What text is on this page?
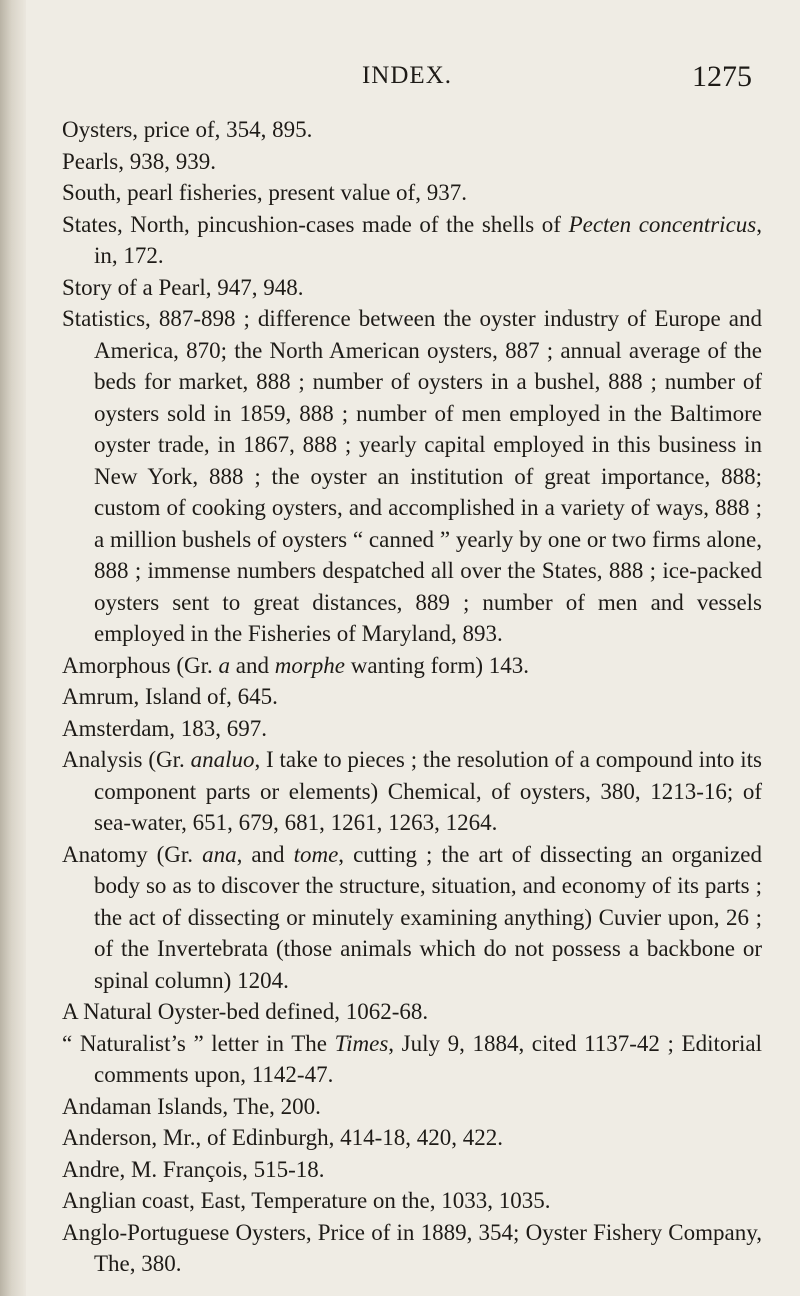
INDEX.	1275
Oysters, price of, 354, 895.
Pearls, 938, 939.
South, pearl fisheries, present value of, 937.
States, North, pincushion-cases made of the shells of Pecten concentricus, in, 172.
Story of a Pearl, 947, 948.
Statistics, 887-898 ; difference between the oyster industry of Europe and America, 870; the North American oysters, 887 ; annual average of the beds for market, 888 ; number of oysters in a bushel, 888 ; number of oysters sold in 1859, 888 ; number of men employed in the Baltimore oyster trade, in 1867, 888 ; yearly capital employed in this business in New York, 888 ; the oyster an institution of great importance, 888; custom of cooking oysters, and accomplished in a variety of ways, 888 ; a million bushels of oysters “ canned ” yearly by one or two firms alone, 888 ; immense numbers despatched all over the States, 888 ; ice-packed oysters sent to great distances, 889 ; number of men and vessels employed in the Fisheries of Maryland, 893.
Amorphous (Gr. a and morphe wanting form) 143.
Amrum, Island of, 645.
Amsterdam, 183, 697.
Analysis (Gr. analuo, I take to pieces ; the resolution of a compound into its component parts or elements) Chemical, of oysters, 380, 1213-16; of sea-water, 651, 679, 681, 1261, 1263, 1264.
Anatomy (Gr. ana, and tome, cutting ; the art of dissecting an organized body so as to discover the structure, situation, and economy of its parts ; the act of dissecting or minutely examining anything) Cuvier upon, 26 ; of the Invertebrata (those animals which do not possess a backbone or spinal column) 1204.
A Natural Oyster-bed defined, 1062-68.
“ Naturalist’s ” letter in The Times, July 9, 1884, cited 1137-42 ; Editorial comments upon, 1142-47.
Andaman Islands, The, 200.
Anderson, Mr., of Edinburgh, 414-18, 420, 422.
Andre, M. François, 515-18.
Anglian coast, East, Temperature on the, 1033, 1035.
Anglo-Portuguese Oysters, Price of in 1889, 354; Oyster Fishery Company, The, 380.
